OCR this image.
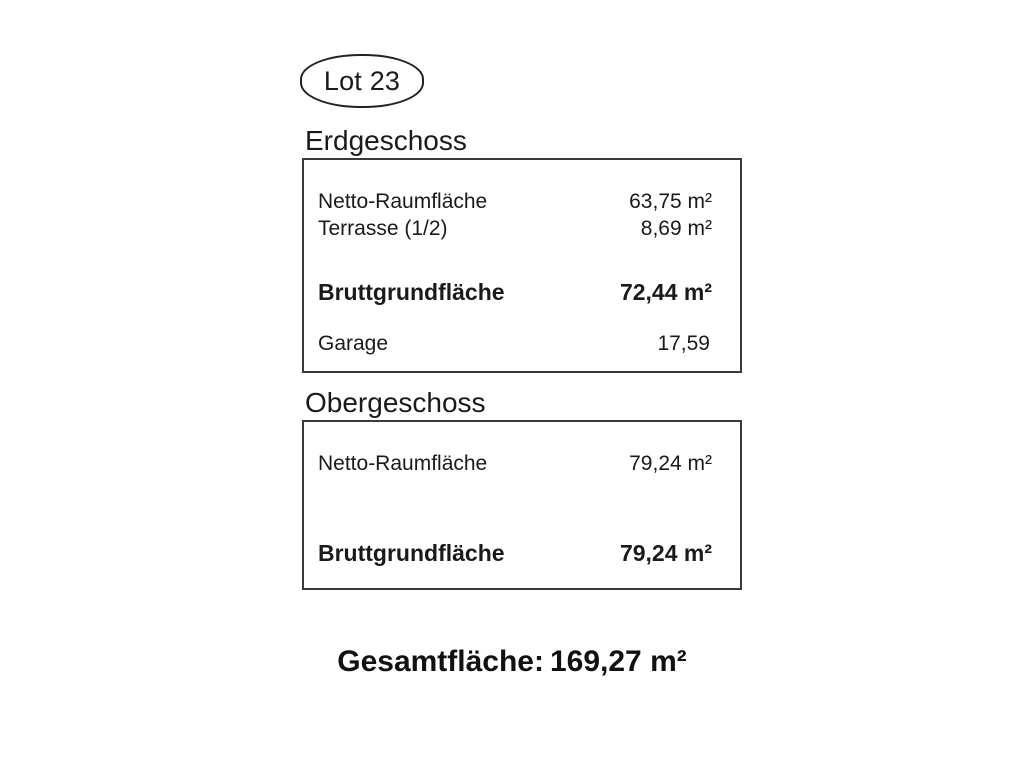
Lot 23
Erdgeschoss
Netto-Raumfläche	63,75 m²
Terrasse (1/2)	8,69 m²
Bruttgrundfläche	72,44 m²
Garage	17,59
Obergeschoss
Netto-Raumfläche	79,24 m²
Bruttgrundfläche	79,24 m²
Gesamtfläche: 169,27 m²
